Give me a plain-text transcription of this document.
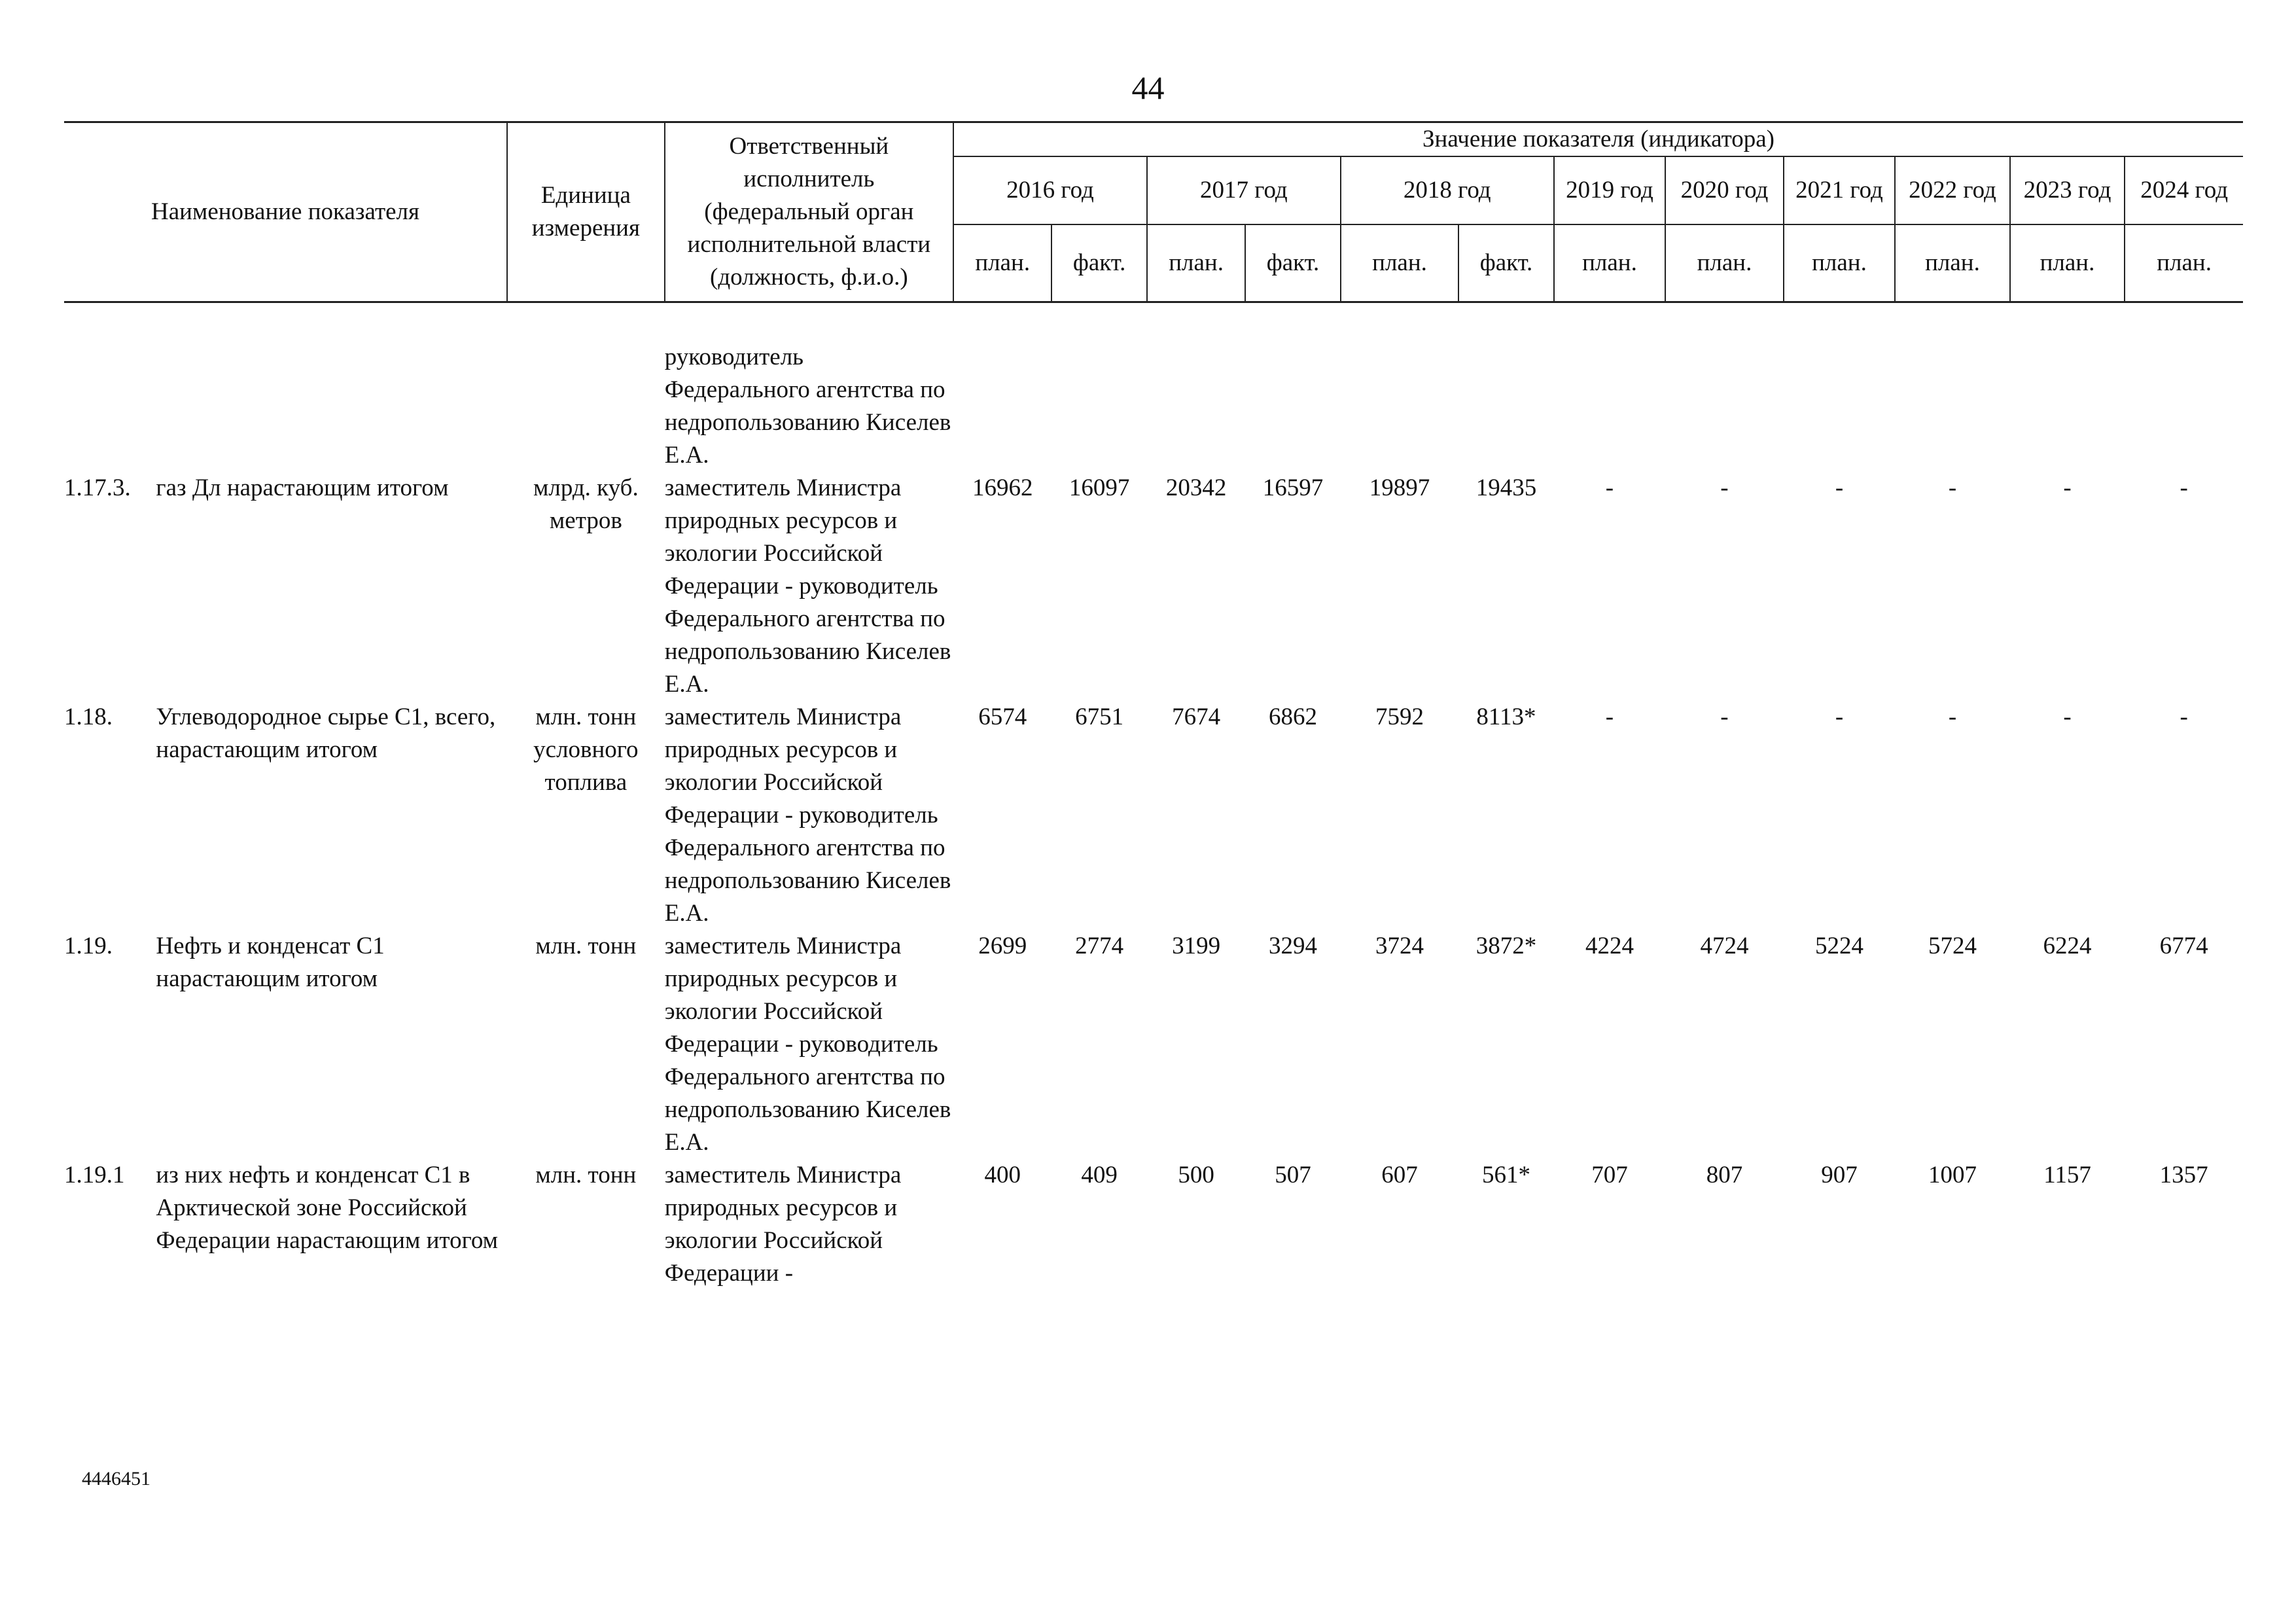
44
Наименование показателя		Единица измерения	Ответственный исполнитель (федеральный орган исполнительной власти (должность, ф.и.о.)	Значение показателя (индикатора)											
				2016 год		2017 год		2018 год		2019 год	2020 год	2021 год	2022 год	2023 год	2024 год
				план.	факт.	план.	факт.	план.	факт.	план.	план.	план.	план.	план.	план.

			руководитель Федерального агентства по недропользованию Киселев Е.А.												
1.17.3.	газ Дл нарастающим итогом	млрд. куб. метров	заместитель Министра природных ресурсов и экологии Российской Федерации - руководитель Федерального агентства по недропользованию Киселев Е.А.	16962	16097	20342	16597	19897	19435	-	-	-	-	-	-
1.18.	Углеводородное сырье С1, всего, нарастающим итогом	млн. тонн условного топлива	заместитель Министра природных ресурсов и экологии Российской Федерации - руководитель Федерального агентства по недропользованию Киселев Е.А.	6574	6751	7674	6862	7592	8113*	-	-	-	-	-	-
1.19.	Нефть и конденсат С1 нарастающим итогом	млн. тонн	заместитель Министра природных ресурсов и экологии Российской Федерации - руководитель Федерального агентства по недропользованию Киселев Е.А.	2699	2774	3199	3294	3724	3872*	4224	4724	5224	5724	6224	6774
1.19.1	из них нефть и конденсат С1 в Арктической зоне Российской Федерации нарастающим итогом	млн. тонн	заместитель Министра природных ресурсов и экологии Российской Федерации -	400	409	500	507	607	561*	707	807	907	1007	1157	1357
4446451
